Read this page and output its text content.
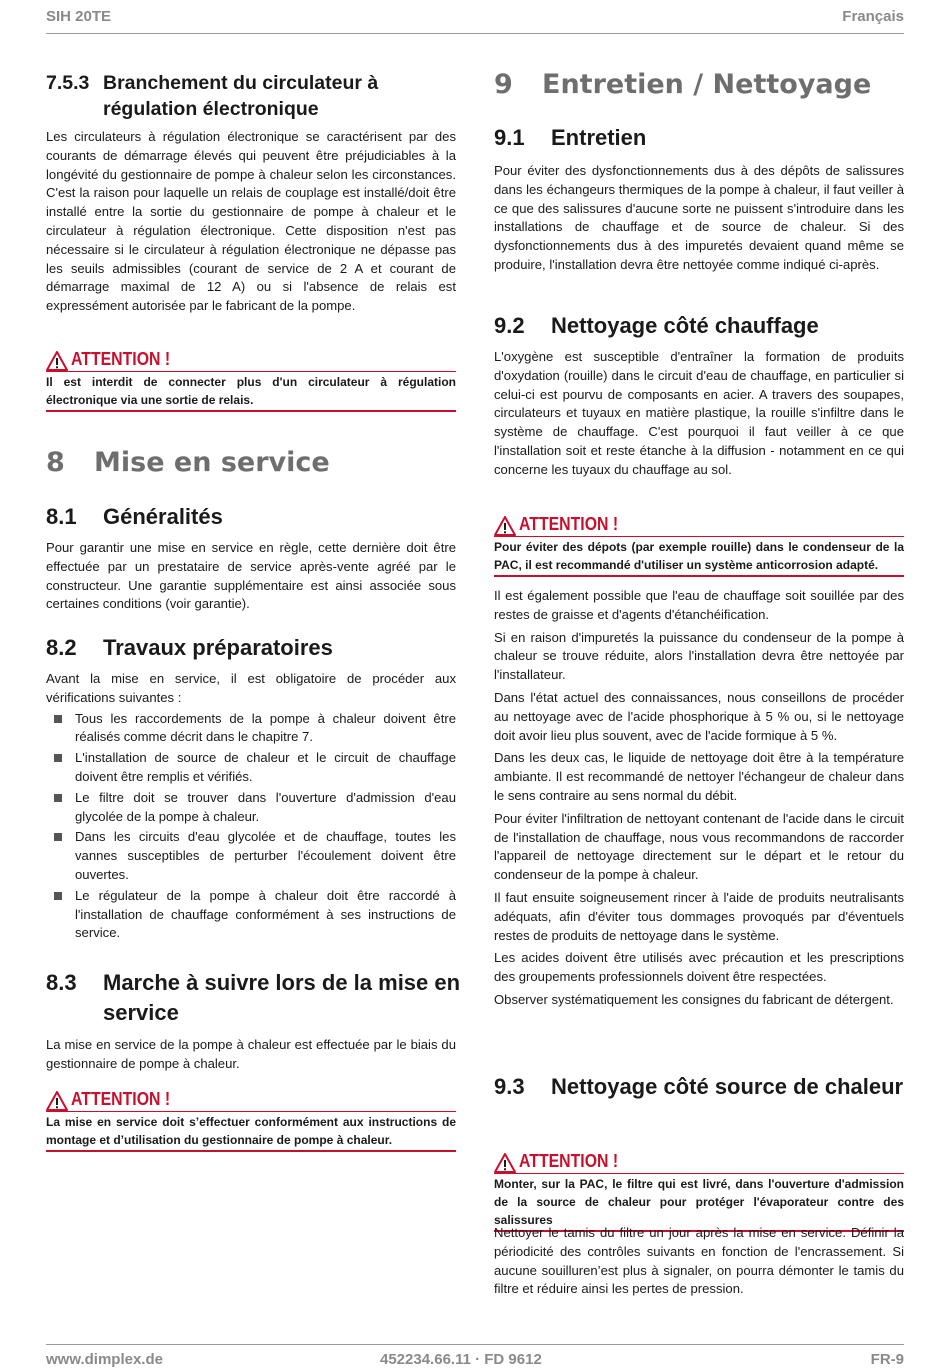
SIH 20TE	Français
7.5.3 Branchement du circulateur à régulation électronique

Les circulateurs à régulation électronique se caractérisent par des courants de démarrage élevés qui peuvent être préjudiciables à la longévité du gestionnaire de pompe à chaleur selon les circonstances. C'est la raison pour laquelle un relais de couplage est installé/doit être installé entre la sortie du gestionnaire de pompe à chaleur et le circulateur à régulation électronique. Cette disposition n'est pas nécessaire si le circulateur à régulation électronique ne dépasse pas les seuils admissibles (courant de service de 2 A et courant de démarrage maximal de 12 A) ou si l'absence de relais est expressément autorisée par le fabricant de la pompe.

ATTENTION !
Il est interdit de connecter plus d'un circulateur à régulation électronique via une sortie de relais.
8 Mise en service
8.1 Généralités

Pour garantir une mise en service en règle, cette dernière doit être effectuée par un prestataire de service après-vente agréé par le constructeur. Une garantie supplémentaire est ainsi associée sous certaines conditions (voir garantie).

8.2 Travaux préparatoires

Avant la mise en service, il est obligatoire de procéder aux vérifications suivantes :

Tous les raccordements de la pompe à chaleur doivent être réalisés comme décrit dans le chapitre 7.
L'installation de source de chaleur et le circuit de chauffage doivent être remplis et vérifiés.
Le filtre doit se trouver dans l'ouverture d'admission d'eau glycolée de la pompe à chaleur.
Dans les circuits d'eau glycolée et de chauffage, toutes les vannes susceptibles de perturber l'écoulement doivent être ouvertes.
Le régulateur de la pompe à chaleur doit être raccordé à l'installation de chauffage conformément à ses instructions de service.
8.3 Marche à suivre lors de la mise en service

La mise en service de la pompe à chaleur est effectuée par le biais du gestionnaire de pompe à chaleur.

ATTENTION !
La mise en service doit s’effectuer conformément aux instructions de montage et d’utilisation du gestionnaire de pompe à chaleur.
9 Entretien / Nettoyage
9.1 Entretien

Pour éviter des dysfonctionnements dus à des dépôts de salissures dans les échangeurs thermiques de la pompe à chaleur, il faut veiller à ce que des salissures d'aucune sorte ne puissent s'introduire dans les installations de chauffage et de source de chaleur. Si des dysfonctionnements dus à des impuretés devaient quand même se produire, l'installation devra être nettoyée comme indiqué ci-après.

9.2 Nettoyage côté chauffage

L'oxygène est susceptible d'entraîner la formation de produits d'oxydation (rouille) dans le circuit d'eau de chauffage, en particulier si celui-ci est pourvu de composants en acier. A travers des soupapes, circulateurs et tuyaux en matière plastique, la rouille s'infiltre dans le système de chauffage. C'est pourquoi il faut veiller à ce que l'installation soit et reste étanche à la diffusion - notamment en ce qui concerne les tuyaux du chauffage au sol.

ATTENTION !
Pour éviter des dépots (par exemple rouille) dans le condenseur de la PAC, il est recommandé d'utiliser un système anticorrosion adapté.

Il est également possible que l'eau de chauffage soit souillée par des restes de graisse et d'agents d'étanchéification.

Si en raison d'impuretés la puissance du condenseur de la pompe à chaleur se trouve réduite, alors l'installation devra être nettoyée par l'installateur.

Dans l'état actuel des connaissances, nous conseillons de procéder au nettoyage avec de l'acide phosphorique à 5 % ou, si le nettoyage doit avoir lieu plus souvent, avec de l'acide formique à 5 %.

Dans les deux cas, le liquide de nettoyage doit être à la température ambiante. Il est recommandé de nettoyer l'échangeur de chaleur dans le sens contraire au sens normal du débit.

Pour éviter l'infiltration de nettoyant contenant de l'acide dans le circuit de l'installation de chauffage, nous vous recommandons de raccorder l'appareil de nettoyage directement sur le départ et le retour du condenseur de la pompe à chaleur.

Il faut ensuite soigneusement rincer à l'aide de produits neutralisants adéquats, afin d'éviter tous dommages provoqués par d'éventuels restes de produits de nettoyage dans le système.

Les acides doivent être utilisés avec précaution et les prescriptions des groupements professionnels doivent être respectées.

Observer systématiquement les consignes du fabricant de détergent.

9.3 Nettoyage côté source de chaleur
ATTENTION !
Monter, sur la PAC, le filtre qui est livré, dans l'ouverture d'admission de la source de chaleur pour protéger l'évaporateur contre des salissures

Nettoyer le tamis du filtre un jour après la mise en service. Définir la périodicité des contrôles suivants en fonction de l'encrassement. Si aucune souilluren’est plus à signaler, on pourra démonter le tamis du filtre et réduire ainsi les pertes de pression.

www.dimplex.de	452234.66.11 · FD 9612	FR-9
